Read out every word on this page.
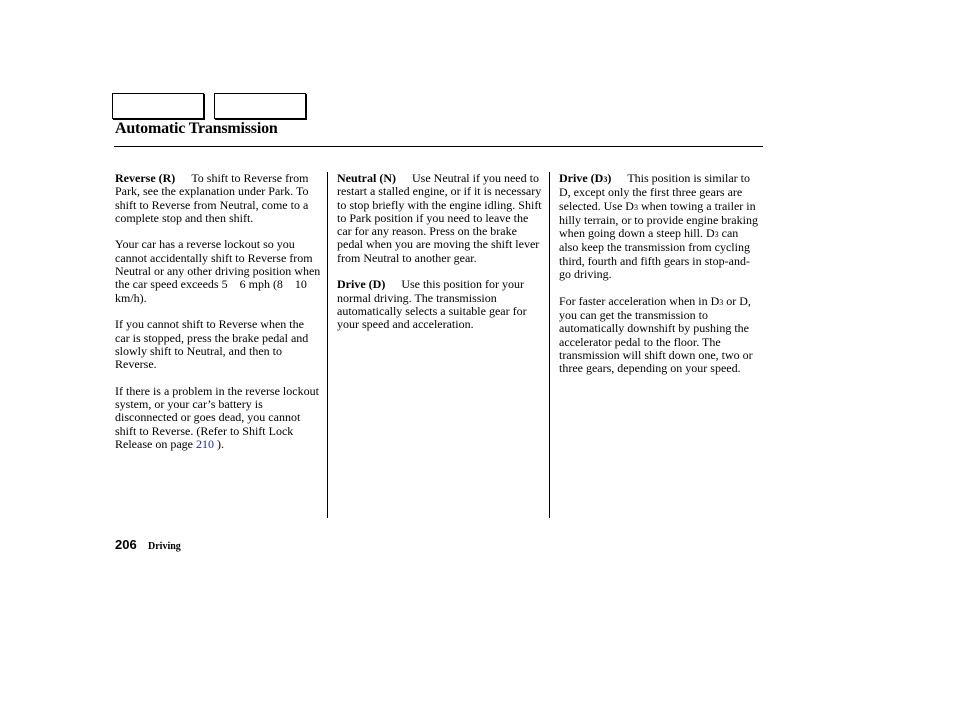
Automatic Transmission

Reverse (R) To shift to Reverse from Park, see the explanation under Park. To shift to Reverse from Neutral, come to a complete stop and then shift.

Your car has a reverse lockout so you cannot accidentally shift to Reverse from Neutral or any other driving position when the car speed exceeds 5    6 mph (8    10 km/h).

If you cannot shift to Reverse when the car is stopped, press the brake pedal and slowly shift to Neutral, and then to Reverse.

If there is a problem in the reverse lockout system, or your car’s battery is disconnected or goes dead, you cannot shift to Reverse. (Refer to Shift Lock Release on page 210 ).

Neutral (N) Use Neutral if you need to restart a stalled engine, or if it is necessary to stop briefly with the engine idling. Shift to Park position if you need to leave the car for any reason. Press on the brake pedal when you are moving the shift lever from Neutral to another gear.

Drive (D) Use this position for your normal driving. The transmission automatically selects a suitable gear for your speed and acceleration.

Drive (D3) This position is similar to D, except only the first three gears are selected. Use D3 when towing a trailer in hilly terrain, or to provide engine braking when going down a steep hill. D3 can also keep the transmission from cycling third, fourth and fifth gears in stop-and-go driving.

For faster acceleration when in D3 or D, you can get the transmission to automatically downshift by pushing the accelerator pedal to the floor. The transmission will shift down one, two or three gears, depending on your speed.

206 Driving
